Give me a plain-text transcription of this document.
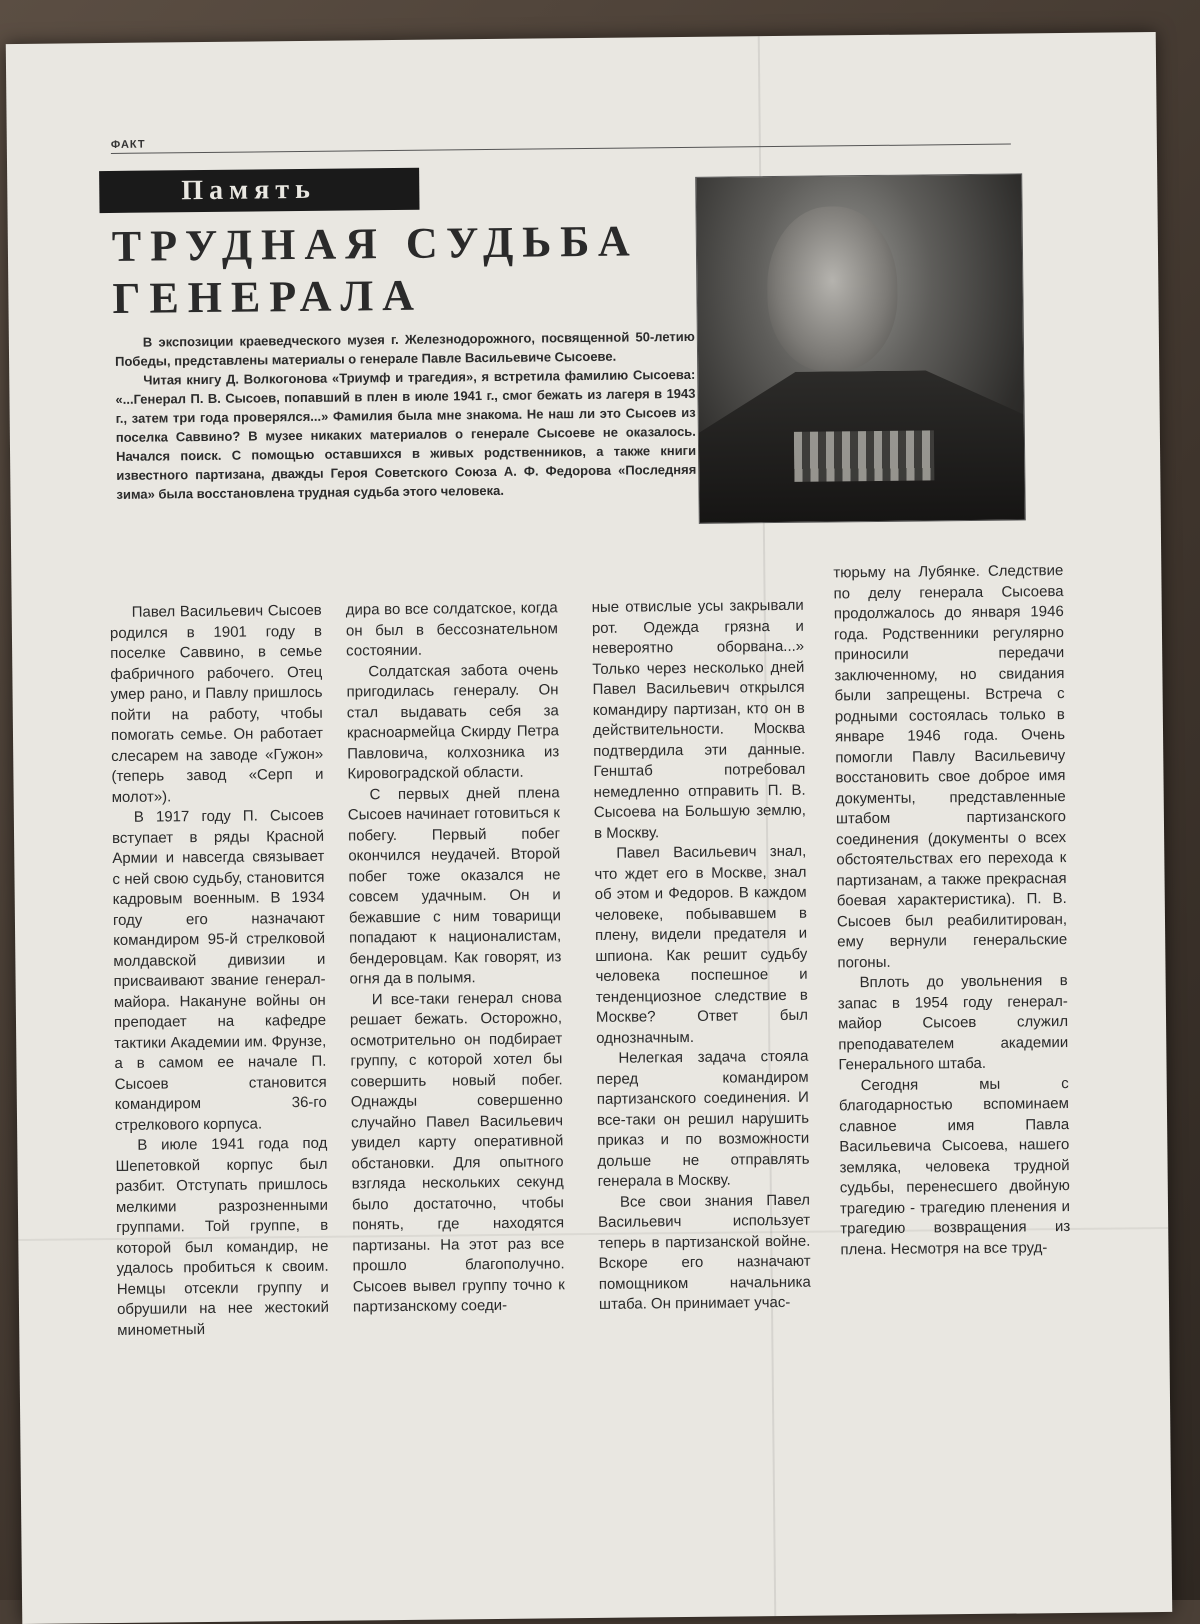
ФАКТ
Память
ТРУДНАЯ СУДЬБА
ГЕНЕРАЛА

В экспозиции краеведческого музея г. Железнодорожного, посвященной 50-летию Победы, представлены материалы о генерале Павле Васильевиче Сысоеве.

Читая книгу Д. Волкогонова «Триумф и трагедия», я встретила фамилию Сысоева: «...Генерал П. В. Сысоев, попавший в плен в июле 1941 г., смог бежать из лагеря в 1943 г., затем три года проверялся...» Фамилия была мне знакома. Не наш ли это Сысоев из поселка Саввино? В музее никаких материалов о генерале Сысоеве не оказалось. Начался поиск. С помощью оставшихся в живых родственников, а также книги известного партизана, дважды Героя Советского Союза А. Ф. Федорова «Последняя зима» была восстановлена трудная судьба этого человека.

Павел Васильевич Сысоев родился в 1901 году в поселке Саввино, в семье фабричного рабочего. Отец умер рано, и Павлу пришлось пойти на работу, чтобы помогать семье. Он работает слесарем на заводе «Гужон» (теперь завод «Серп и молот»).

В 1917 году П. Сысоев вступает в ряды Красной Армии и навсегда связывает с ней свою судьбу, становится кадровым военным. В 1934 году его назначают командиром 95-й стрелковой молдавской дивизии и присваивают звание генерал-майора. Накануне войны он преподает на кафедре тактики Академии им. Фрунзе, а в самом ее начале П. Сысоев становится командиром 36-го стрелкового корпуса.

В июле 1941 года под Шепетовкой корпус был разбит. Отступать пришлось мелкими разрозненными группами. Той группе, в которой был командир, не удалось пробиться к своим. Немцы отсекли группу и обрушили на нее жестокий минометный

дира во все солдатское, когда он был в бессознательном состоянии.

Солдатская забота очень пригодилась генералу. Он стал выдавать себя за красноармейца Скирду Петра Павловича, колхозника из Кировоградской области.

С первых дней плена Сысоев начинает готовиться к побегу. Первый побег окончился неудачей. Второй побег тоже оказался не совсем удачным. Он и бежавшие с ним товарищи попадают к националистам, бендеровцам. Как говорят, из огня да в полымя.

И все-таки генерал снова решает бежать. Осторожно, осмотрительно он подбирает группу, с которой хотел бы совершить новый побег. Однажды совершенно случайно Павел Васильевич увидел карту оперативной обстановки. Для опытного взгляда нескольких секунд было достаточно, чтобы понять, где находятся партизаны. На этот раз все прошло благополучно. Сысоев вывел группу точно к партизанскому соеди-

ные отвислые усы закрывали рот. Одежда грязна и невероятно оборвана...» Только через несколько дней Павел Васильевич открылся командиру партизан, кто он в действительности. Москва подтвердила эти данные. Генштаб потребовал немедленно отправить П. В. Сысоева на Большую землю, в Москву.

Павел Васильевич знал, что ждет его в Москве, знал об этом и Федоров. В каждом человеке, побывавшем в плену, видели предателя и шпиона. Как решит судьбу человека поспешное и тенденциозное следствие в Москве? Ответ был однозначным.

Нелегкая задача стояла перед командиром партизанского соединения. И все-таки он решил нарушить приказ и по возможности дольше не отправлять генерала в Москву.

Все свои знания Павел Васильевич использует теперь в партизанской войне. Вскоре его назначают помощником начальника штаба. Он принимает учас-

тюрьму на Лубянке. Следствие по делу генерала Сысоева продолжалось до января 1946 года. Родственники регулярно приносили передачи заключенному, но свидания были запрещены. Встреча с родными состоялась только в январе 1946 года. Очень помогли Павлу Васильевичу восстановить свое доброе имя документы, представленные штабом партизанского соединения (документы о всех обстоятельствах его перехода к партизанам, а также прекрасная боевая характеристика). П. В. Сысоев был реабилитирован, ему вернули генеральские погоны.

Вплоть до увольнения в запас в 1954 году генерал-майор Сысоев служил преподавателем академии Генерального штаба.

Сегодня мы с благодарностью вспоминаем славное имя Павла Васильевича Сысоева, нашего земляка, человека трудной судьбы, перенесшего двойную трагедию - трагедию пленения и трагедию возвращения из плена. Несмотря на все труд-
